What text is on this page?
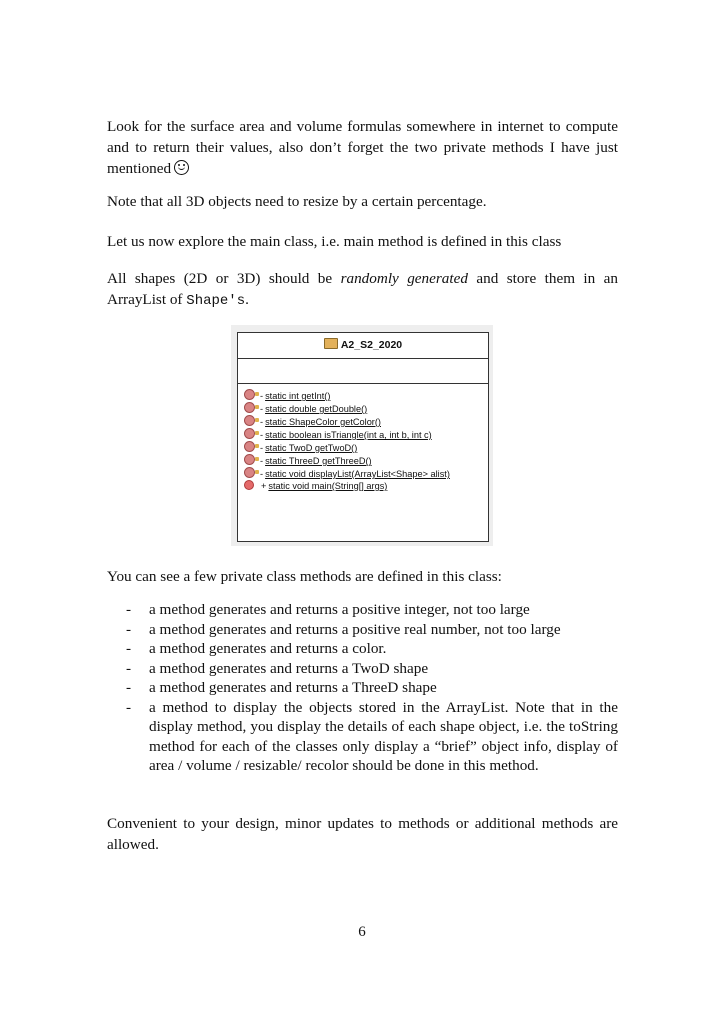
Look for the surface area and volume formulas somewhere in internet to compute and to return their values, also don’t forget the two private methods I have just mentioned
Note that all 3D objects need to resize by a certain percentage.
Let us now explore the main class, i.e. main method is defined in this class
All shapes (2D or 3D) should be randomly generated and store them in an ArrayList of Shape's.
A2_S2_2020
- static int getInt()
- static double getDouble()
- static ShapeColor getColor()
- static boolean isTriangle(int a, int b, int c)
- static TwoD getTwoD()
- static ThreeD getThreeD()
- static void displayList(ArrayList<Shape> alist)
+ static void main(String[] args)
You can see a few private class methods are defined in this class:
- a method generates and returns a positive integer, not too large
- a method generates and returns a positive real number, not too large
- a method generates and returns a color.
- a method generates and returns a TwoD shape
- a method generates and returns a ThreeD shape
- a method to display the objects stored in the ArrayList. Note that in the display method, you display the details of each shape object, i.e. the toString method for each of the classes only display a “brief” object info, display of area / volume / resizable/ recolor should be done in this method.
Convenient to your design, minor updates to methods or additional methods are allowed.
6
